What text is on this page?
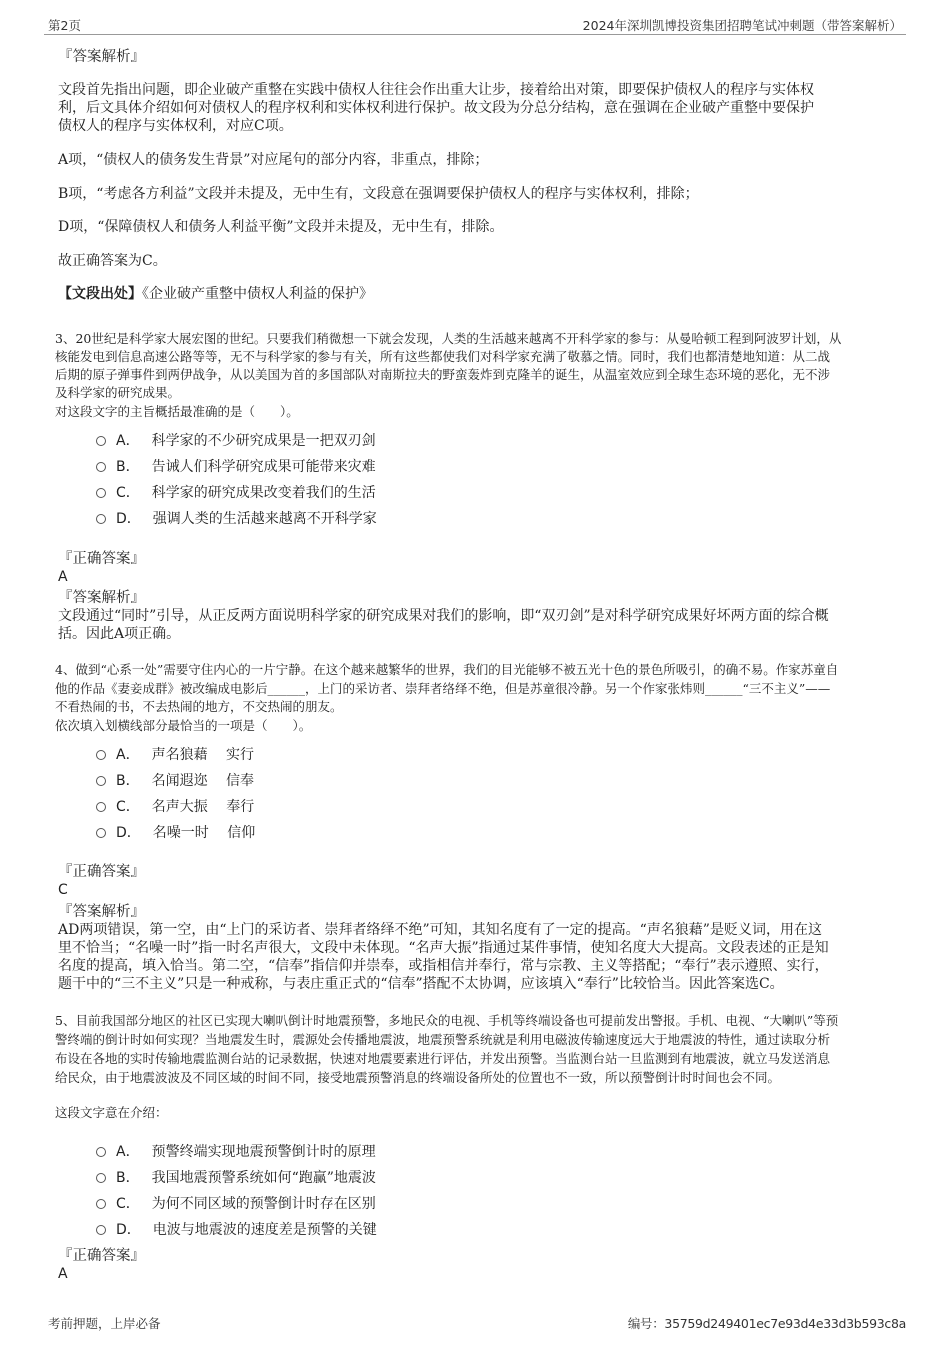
第2页	2024年深圳凯博投资集团招聘笔试冲刺题（带答案解析）
『答案解析』
文段首先指出问题，即企业破产重整在实践中债权人往往会作出重大让步，接着给出对策，即要保护债权人的程序与实体权
利，后文具体介绍如何对债权人的程序权利和实体权利进行保护。故文段为分总分结构，意在强调在企业破产重整中要保护
债权人的程序与实体权利，对应C项。
A项，“债权人的债务发生背景”对应尾句的部分内容，非重点，排除；
B项，“考虑各方利益”文段并未提及，无中生有，文段意在强调要保护债权人的程序与实体权利，排除；
D项，“保障债权人和债务人利益平衡”文段并未提及，无中生有，排除。
故正确答案为C。
【文段出处】《企业破产重整中债权人利益的保护》
3、20世纪是科学家大展宏图的世纪。只要我们稍微想一下就会发现，人类的生活越来越离不开科学家的参与：从曼哈顿工程到阿波罗计划，从
核能发电到信息高速公路等等，无不与科学家的参与有关，所有这些都使我们对科学家充满了敬慕之情。同时，我们也都清楚地知道：从二战
后期的原子弹事件到两伊战争，从以美国为首的多国部队对南斯拉夫的野蛮轰炸到克隆羊的诞生，从温室效应到全球生态环境的恶化，无不涉
及科学家的研究成果。
对这段文字的主旨概括最准确的是（　　）。
A． 科学家的不少研究成果是一把双刃剑
B． 告诫人们科学研究成果可能带来灾难
C． 科学家的研究成果改变着我们的生活
D． 强调人类的生活越来越离不开科学家
『正确答案』
A
『答案解析』
文段通过“同时”引导，从正反两方面说明科学家的研究成果对我们的影响，即“双刃剑”是对科学研究成果好坏两方面的综合概
括。因此A项正确。
4、做到“心系一处”需要守住内心的一片宁静。在这个越来越繁华的世界，我们的目光能够不被五光十色的景色所吸引，的确不易。作家苏童自
他的作品《妻妾成群》被改编成电影后______，上门的采访者、崇拜者络绎不绝，但是苏童很冷静。另一个作家张炜则______“三不主义”——
不看热闹的书，不去热闹的地方，不交热闹的朋友。
依次填入划横线部分最恰当的一项是（　　）。
A． 声名狼藉　 实行
B． 名闻遐迩　 信奉
C． 名声大振　 奉行
D． 名噪一时　 信仰
『正确答案』
C
『答案解析』
AD两项错误，第一空，由“上门的采访者、崇拜者络绎不绝”可知，其知名度有了一定的提高。“声名狼藉”是贬义词，用在这
里不恰当；“名噪一时”指一时名声很大，文段中未体现。“名声大振”指通过某件事情，使知名度大大提高。文段表述的正是知
名度的提高，填入恰当。第二空，“信奉”指信仰并崇奉，或指相信并奉行，常与宗教、主义等搭配；“奉行”表示遵照、实行，
题干中的“三不主义”只是一种戒称，与表庄重正式的“信奉”搭配不太协调，应该填入“奉行”比较恰当。因此答案选C。
5、目前我国部分地区的社区已实现大喇叭倒计时地震预警，多地民众的电视、手机等终端设备也可提前发出警报。手机、电视、“大喇叭”等预
警终端的倒计时如何实现？当地震发生时，震源处会传播地震波，地震预警系统就是利用电磁波传输速度远大于地震波的特性，通过读取分析
布设在各地的实时传输地震监测台站的记录数据，快速对地震要素进行评估，并发出预警。当监测台站一旦监测到有地震波，就立马发送消息
给民众，由于地震波波及不同区域的时间不同，接受地震预警消息的终端设备所处的位置也不一致，所以预警倒计时时间也会不同。
这段文字意在介绍：
A． 预警终端实现地震预警倒计时的原理
B． 我国地震预警系统如何“跑赢”地震波
C． 为何不同区域的预警倒计时存在区别
D． 电波与地震波的速度差是预警的关键
『正确答案』
A
考前押题，上岸必备	编号：35759d249401ec7e93d4e33d3b593c8a
